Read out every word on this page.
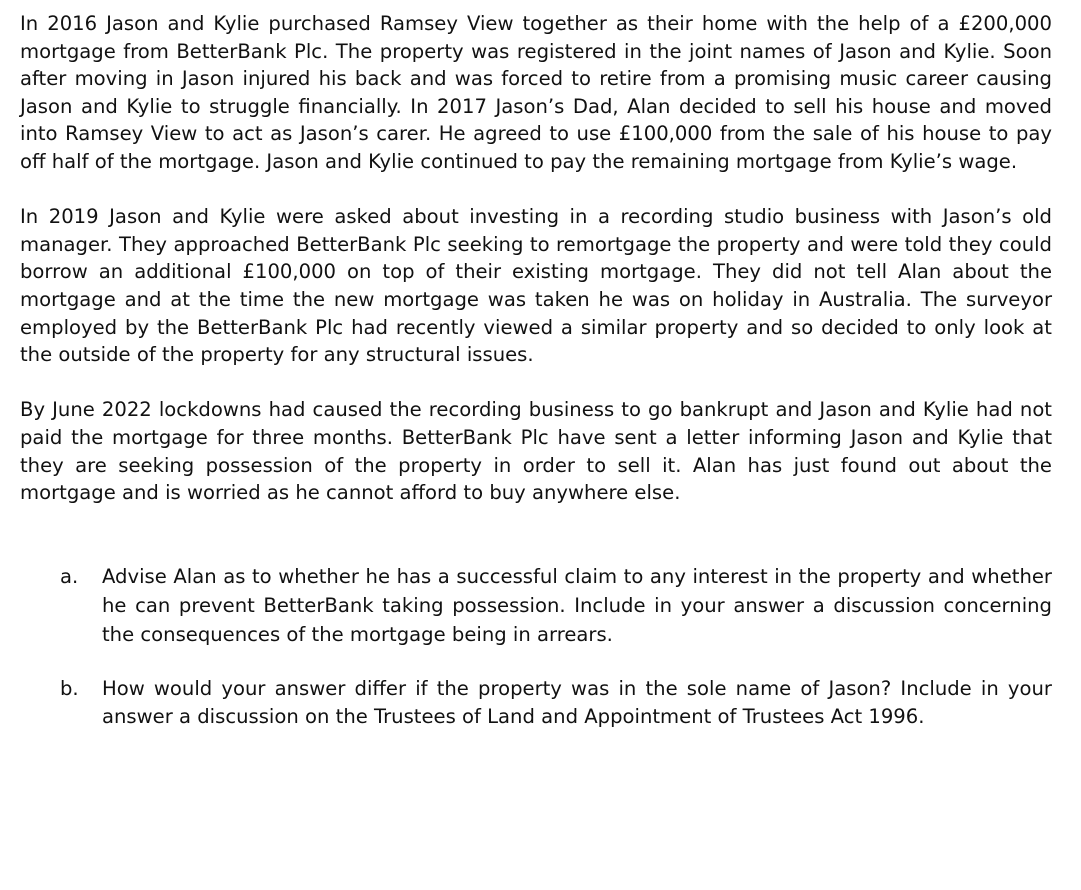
In 2016 Jason and Kylie purchased Ramsey View together as their home with the help of a £200,000 mortgage from BetterBank Plc. The property was registered in the joint names of Jason and Kylie. Soon after moving in Jason injured his back and was forced to retire from a promising music career causing Jason and Kylie to struggle financially. In 2017 Jason’s Dad, Alan decided to sell his house and moved into Ramsey View to act as Jason’s carer. He agreed to use £100,000 from the sale of his house to pay off half of the mortgage. Jason and Kylie continued to pay the remaining mortgage from Kylie’s wage.

In 2019 Jason and Kylie were asked about investing in a recording studio business with Jason’s old manager. They approached BetterBank Plc seeking to remortgage the property and were told they could borrow an additional £100,000 on top of their existing mortgage. They did not tell Alan about the mortgage and at the time the new mortgage was taken he was on holiday in Australia. The surveyor employed by the BetterBank Plc had recently viewed a similar property and so decided to only look at the outside of the property for any structural issues.

By June 2022 lockdowns had caused the recording business to go bankrupt and Jason and Kylie had not paid the mortgage for three months. BetterBank Plc have sent a letter informing Jason and Kylie that they are seeking possession of the property in order to sell it. Alan has just found out about the mortgage and is worried as he cannot afford to buy anywhere else.

a. Advise Alan as to whether he has a successful claim to any interest in the property and whether he can prevent BetterBank taking possession. Include in your answer a discussion concerning the consequences of the mortgage being in arrears.
b. How would your answer differ if the property was in the sole name of Jason? Include in your answer a discussion on the Trustees of Land and Appointment of Trustees Act 1996.
